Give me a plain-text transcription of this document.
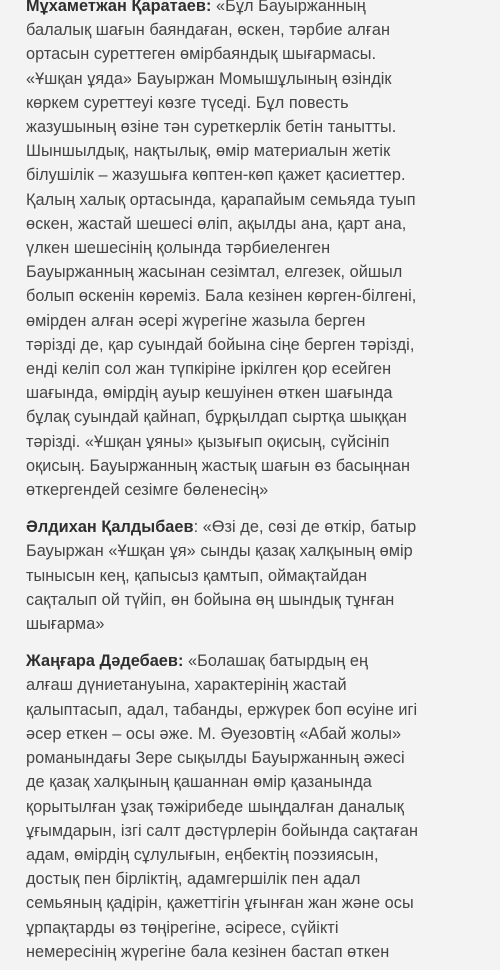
Мұхаметжан Қаратаев: «Бұл Бауыржанның
балалық шағын баяндаған, өскен, тәрбие алған
ортасын суреттеген өмірбаяндық шығармасы.
«Ұшқан ұяда» Бауыржан Момышұлының өзіндік
көркем суреттеуі көзге түседі. Бұл повесть
жазушының өзіне тән суреткерлік бетін танытты.
Шыншылдық, нақтылық, өмір материалын жетік
білушілік – жазушыға көптен-көп қажет қасиеттер.
Қалың халық ортасында, қарапайым семьяда туып
өскен, жастай шешесі өліп, ақылды ана, қарт ана,
үлкен шешесінің қолында тәрбиеленген
Бауыржанның жасынан сезімтал, елгезек, ойшыл
болып өскенін көреміз. Бала кезінен көрген-білгені,
өмірден алған әсері жүрегіне жазыла берген
тәрізді де, қар суындай бойына сіңе берген тәрізді,
енді келіп сол жан түпкіріне іркілген қор есейген
шағында, өмірдің ауыр кешуінен өткен шағында
бұлақ суындай қайнап, бұрқылдап сыртқа шыққан
тәрізді. «Ұшқан ұяны» қызығып оқисың, сүйсініп
оқисың. Бауыржанның жастық шағын өз басыңнан
өткергендей сезімге бөленесің»

Әлдихан Қалдыбаев: «Өзі де, сөзі де өткір, батыр
Бауыржан «Ұшқан ұя» сынды қазақ халқының өмір
тынысын кең, қапысыз қамтып, оймақтайдан
сақталып ой түйіп, өн бойына өң шындық тұнған
шығарма»

Жаңғара Дәдебаев: «Болашақ батырдың ең
алғаш дүниетануына, характерінің жастай
қалыптасып, адал, табанды, ержүрек боп өсуіне игі
әсер еткен – осы әже. М. Әуезовтің «Абай жолы»
романындағы Зере сықылды Бауыржанның әжесі
де қазақ халқының қашаннан өмір қазанында
қорытылған ұзақ тәжірибеде шыңдалған даналық
ұғымдарын, ізгі салт дәстүрлерін бойында сақтаған
адам, өмірдің сұлулығын, еңбектің поэзиясын,
достық пен бірліктің, адамгершілік пен адал
семьяның қадірін, қажеттігін ұғынған жан және осы
ұрпақтарды өз төңірегіне, әсіресе, сүйікті
немересінің жүрегіне бала кезінен бастап өткен
